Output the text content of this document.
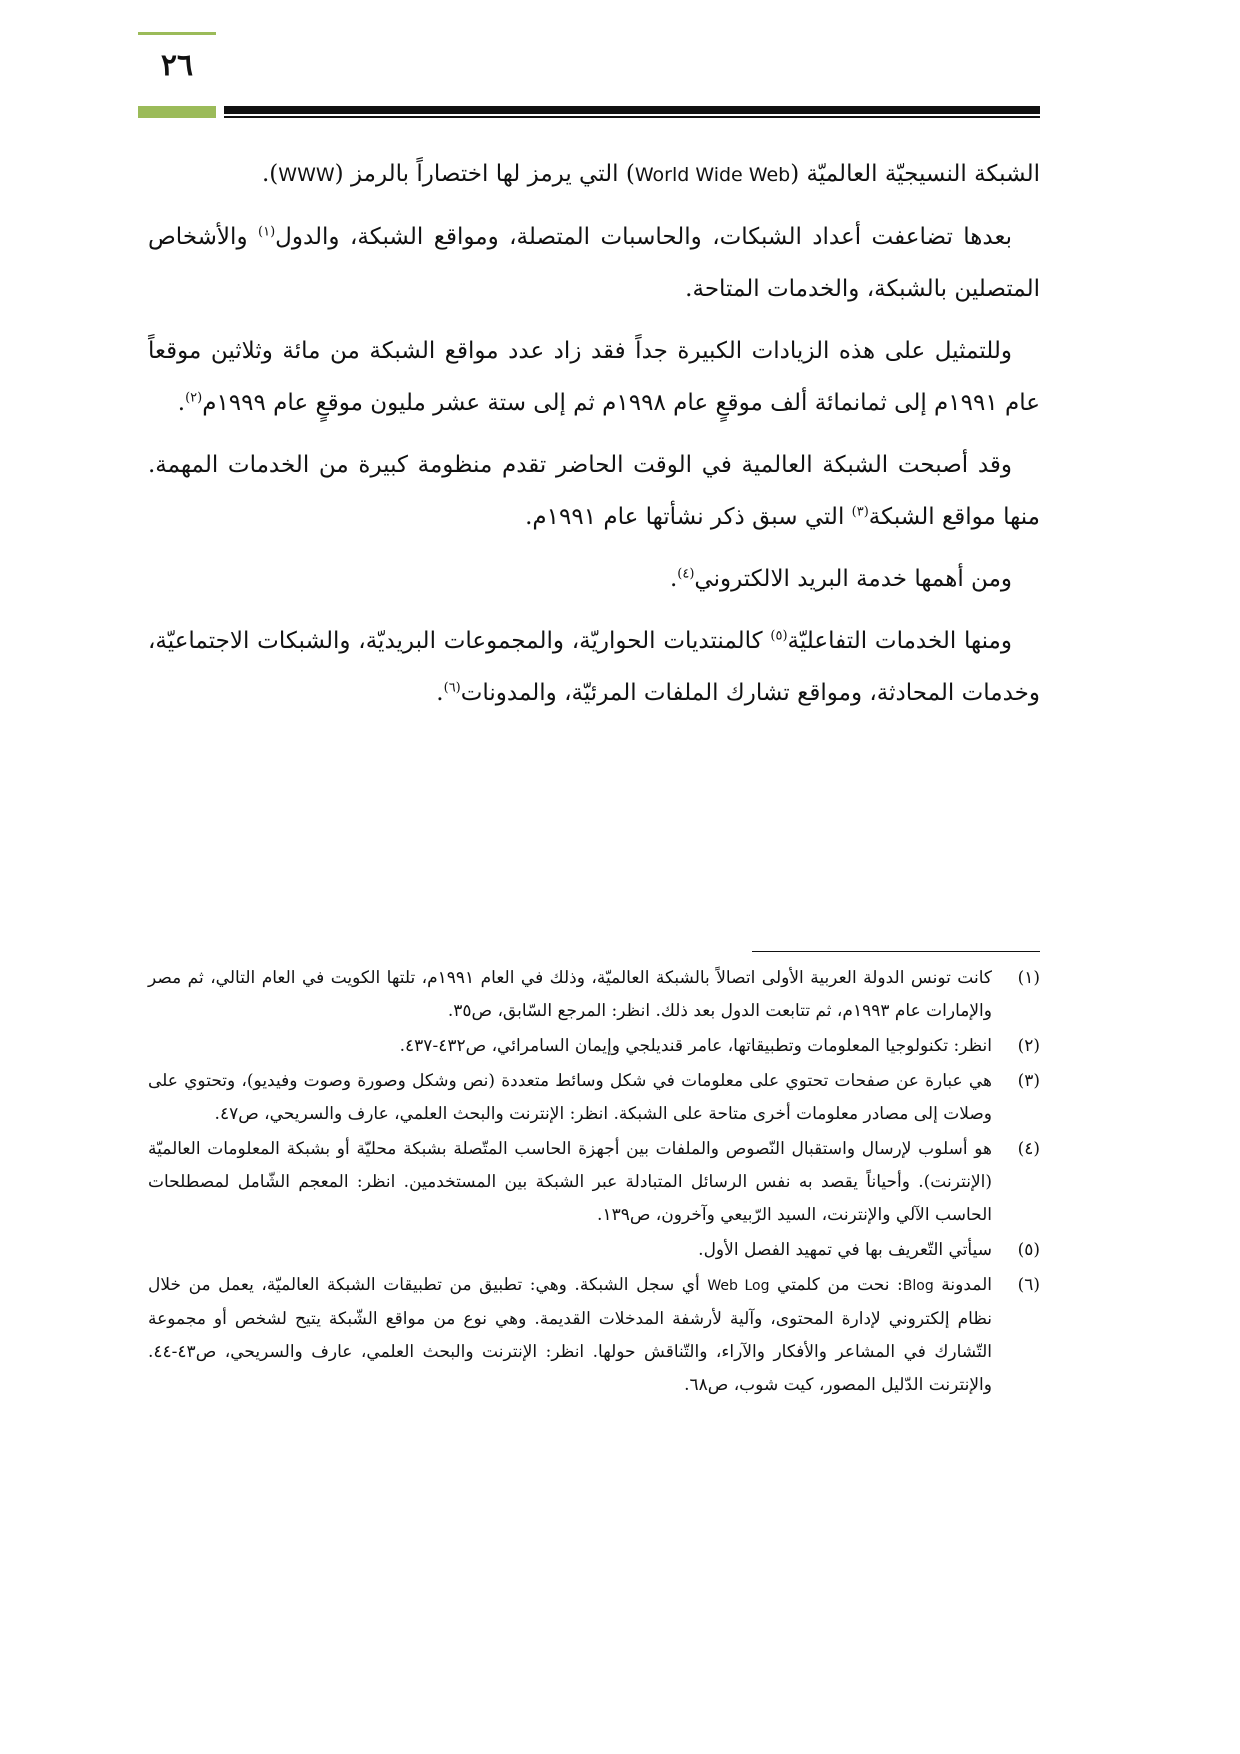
٢٦

الشبكة النسيجيّة العالميّة (World Wide Web) التي يرمز لها اختصاراً بالرمز (WWW).

بعدها تضاعفت أعداد الشبكات، والحاسبات المتصلة، ومواقع الشبكة، والدول$^{(١)}$ والأشخاص المتصلين بالشبكة، والخدمات المتاحة.

وللتمثيل على هذه الزيادات الكبيرة جداً فقد زاد عدد مواقع الشبكة من مائة وثلاثين موقعاً عام ١٩٩١م إلى ثمانمائة ألف موقعٍ عام ١٩٩٨م ثم إلى ستة عشر مليون موقعٍ عام ١٩٩٩م$^{(٢)}$.

وقد أصبحت الشبكة العالمية في الوقت الحاضر تقدم منظومة كبيرة من الخدمات المهمة. منها مواقع الشبكة$^{(٣)}$ التي سبق ذكر نشأتها عام ١٩٩١م.

ومن أهمها خدمة البريد الالكتروني$^{(٤)}$.

ومنها الخدمات التفاعليّة$^{(٥)}$ كالمنتديات الحواريّة، والمجموعات البريديّة، والشبكات الاجتماعيّة، وخدمات المحادثة، ومواقع تشارك الملفات المرئيّة، والمدونات$^{(٦)}$.

(١)
كانت تونس الدولة العربية الأولى اتصالاً بالشبكة العالميّة، وذلك في العام ١٩٩١م، تلتها الكويت في العام التالي، ثم مصر والإمارات عام ١٩٩٣م، ثم تتابعت الدول بعد ذلك. انظر: المرجع السّابق، ص٣٥.
(٢)
انظر: تكنولوجيا المعلومات وتطبيقاتها، عامر قنديلجي وإيمان السامرائي، ص٤٣٢-٤٣٧.
(٣)
هي عبارة عن صفحات تحتوي على معلومات في شكل وسائط متعددة (نص وشكل وصورة وصوت وفيديو)، وتحتوي على وصلات إلى مصادر معلومات أخرى متاحة على الشبكة. انظر: الإنترنت والبحث العلمي، عارف والسريحي، ص٤٧.
(٤)
هو أسلوب لإرسال واستقبال النّصوص والملفات بين أجهزة الحاسب المتّصلة بشبكة محليّة أو بشبكة المعلومات العالميّة (الإنترنت). وأحياناً يقصد به نفس الرسائل المتبادلة عبر الشبكة بين المستخدمين. انظر: المعجم الشّامل لمصطلحات الحاسب الآلي والإنترنت، السيد الرّبيعي وآخرون، ص١٣٩.
(٥)
سيأتي التّعريف بها في تمهيد الفصل الأول.
(٦)
المدونة Blog: نحت من كلمتي Web Log أي سجل الشبكة. وهي: تطبيق من تطبيقات الشبكة العالميّة، يعمل من خلال نظام إلكتروني لإدارة المحتوى، وآلية لأرشفة المدخلات القديمة. وهي نوع من مواقع الشّبكة يتيح لشخص أو مجموعة التّشارك في المشاعر والأفكار والآراء، والتّناقش حولها. انظر: الإنترنت والبحث العلمي، عارف والسريحي، ص٤٣-٤٤. والإنترنت الدّليل المصور، كيت شوب، ص٦٨.
